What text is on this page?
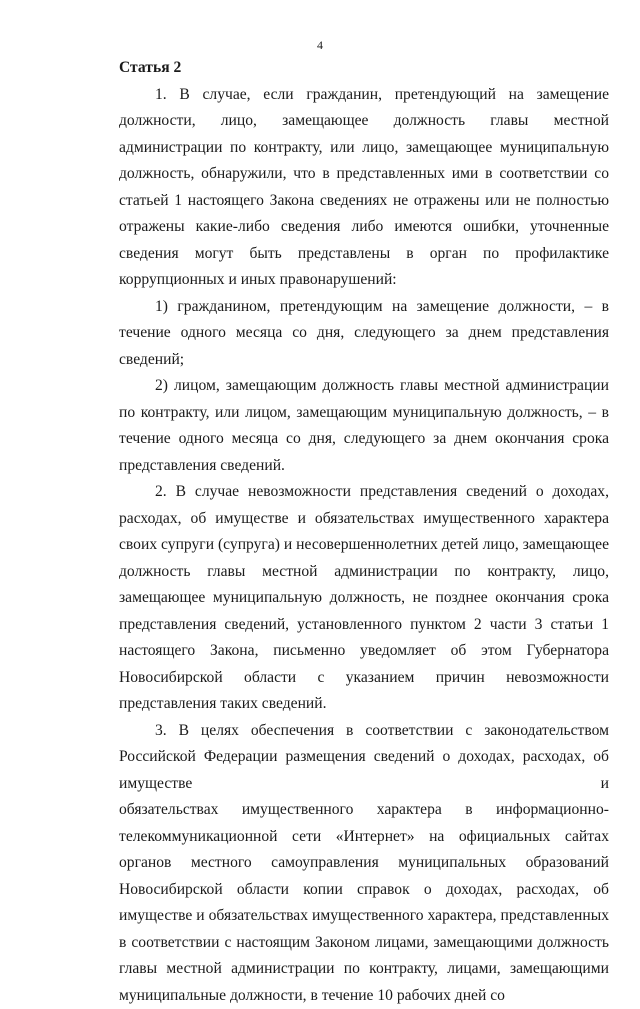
4

Статья 2

1. В случае, если гражданин, претендующий на замещение должности, лицо, замещающее должность главы местной администрации по контракту, или лицо, замещающее муниципальную должность, обнаружили, что в представленных ими в соответствии со статьей 1 настоящего Закона сведениях не отражены или не полностью отражены какие-либо сведения либо имеются ошибки, уточненные сведения могут быть представлены в орган по профилактике коррупционных и иных правонарушений:

1) гражданином, претендующим на замещение должности, – в течение одного месяца со дня, следующего за днем представления сведений;

2) лицом, замещающим должность главы местной администрации по контракту, или лицом, замещающим муниципальную должность, – в течение одного месяца со дня, следующего за днем окончания срока представления сведений.

2. В случае невозможности представления сведений о доходах, расходах, об имуществе и обязательствах имущественного характера своих супруги (супруга) и несовершеннолетних детей лицо, замещающее должность главы местной администрации по контракту, лицо, замещающее муниципальную должность, не позднее окончания срока представления сведений, установленного пунктом 2 части 3 статьи 1 настоящего Закона, письменно уведомляет об этом Губернатора Новосибирской области с указанием причин невозможности представления таких сведений.

3. В целях обеспечения в соответствии с законодательством Российской Федерации размещения сведений о доходах, расходах, об имуществе и

обязательствах имущественного характера в информационно-

телекоммуникационной сети «Интернет» на официальных сайтах органов местного самоуправления муниципальных образований Новосибирской области копии справок о доходах, расходах, об имуществе и обязательствах имущественного характера, представленных в соответствии с настоящим Законом лицами, замещающими должность главы местной администрации по контракту, лицами, замещающими муниципальные должности, в течение 10 рабочих дней со
